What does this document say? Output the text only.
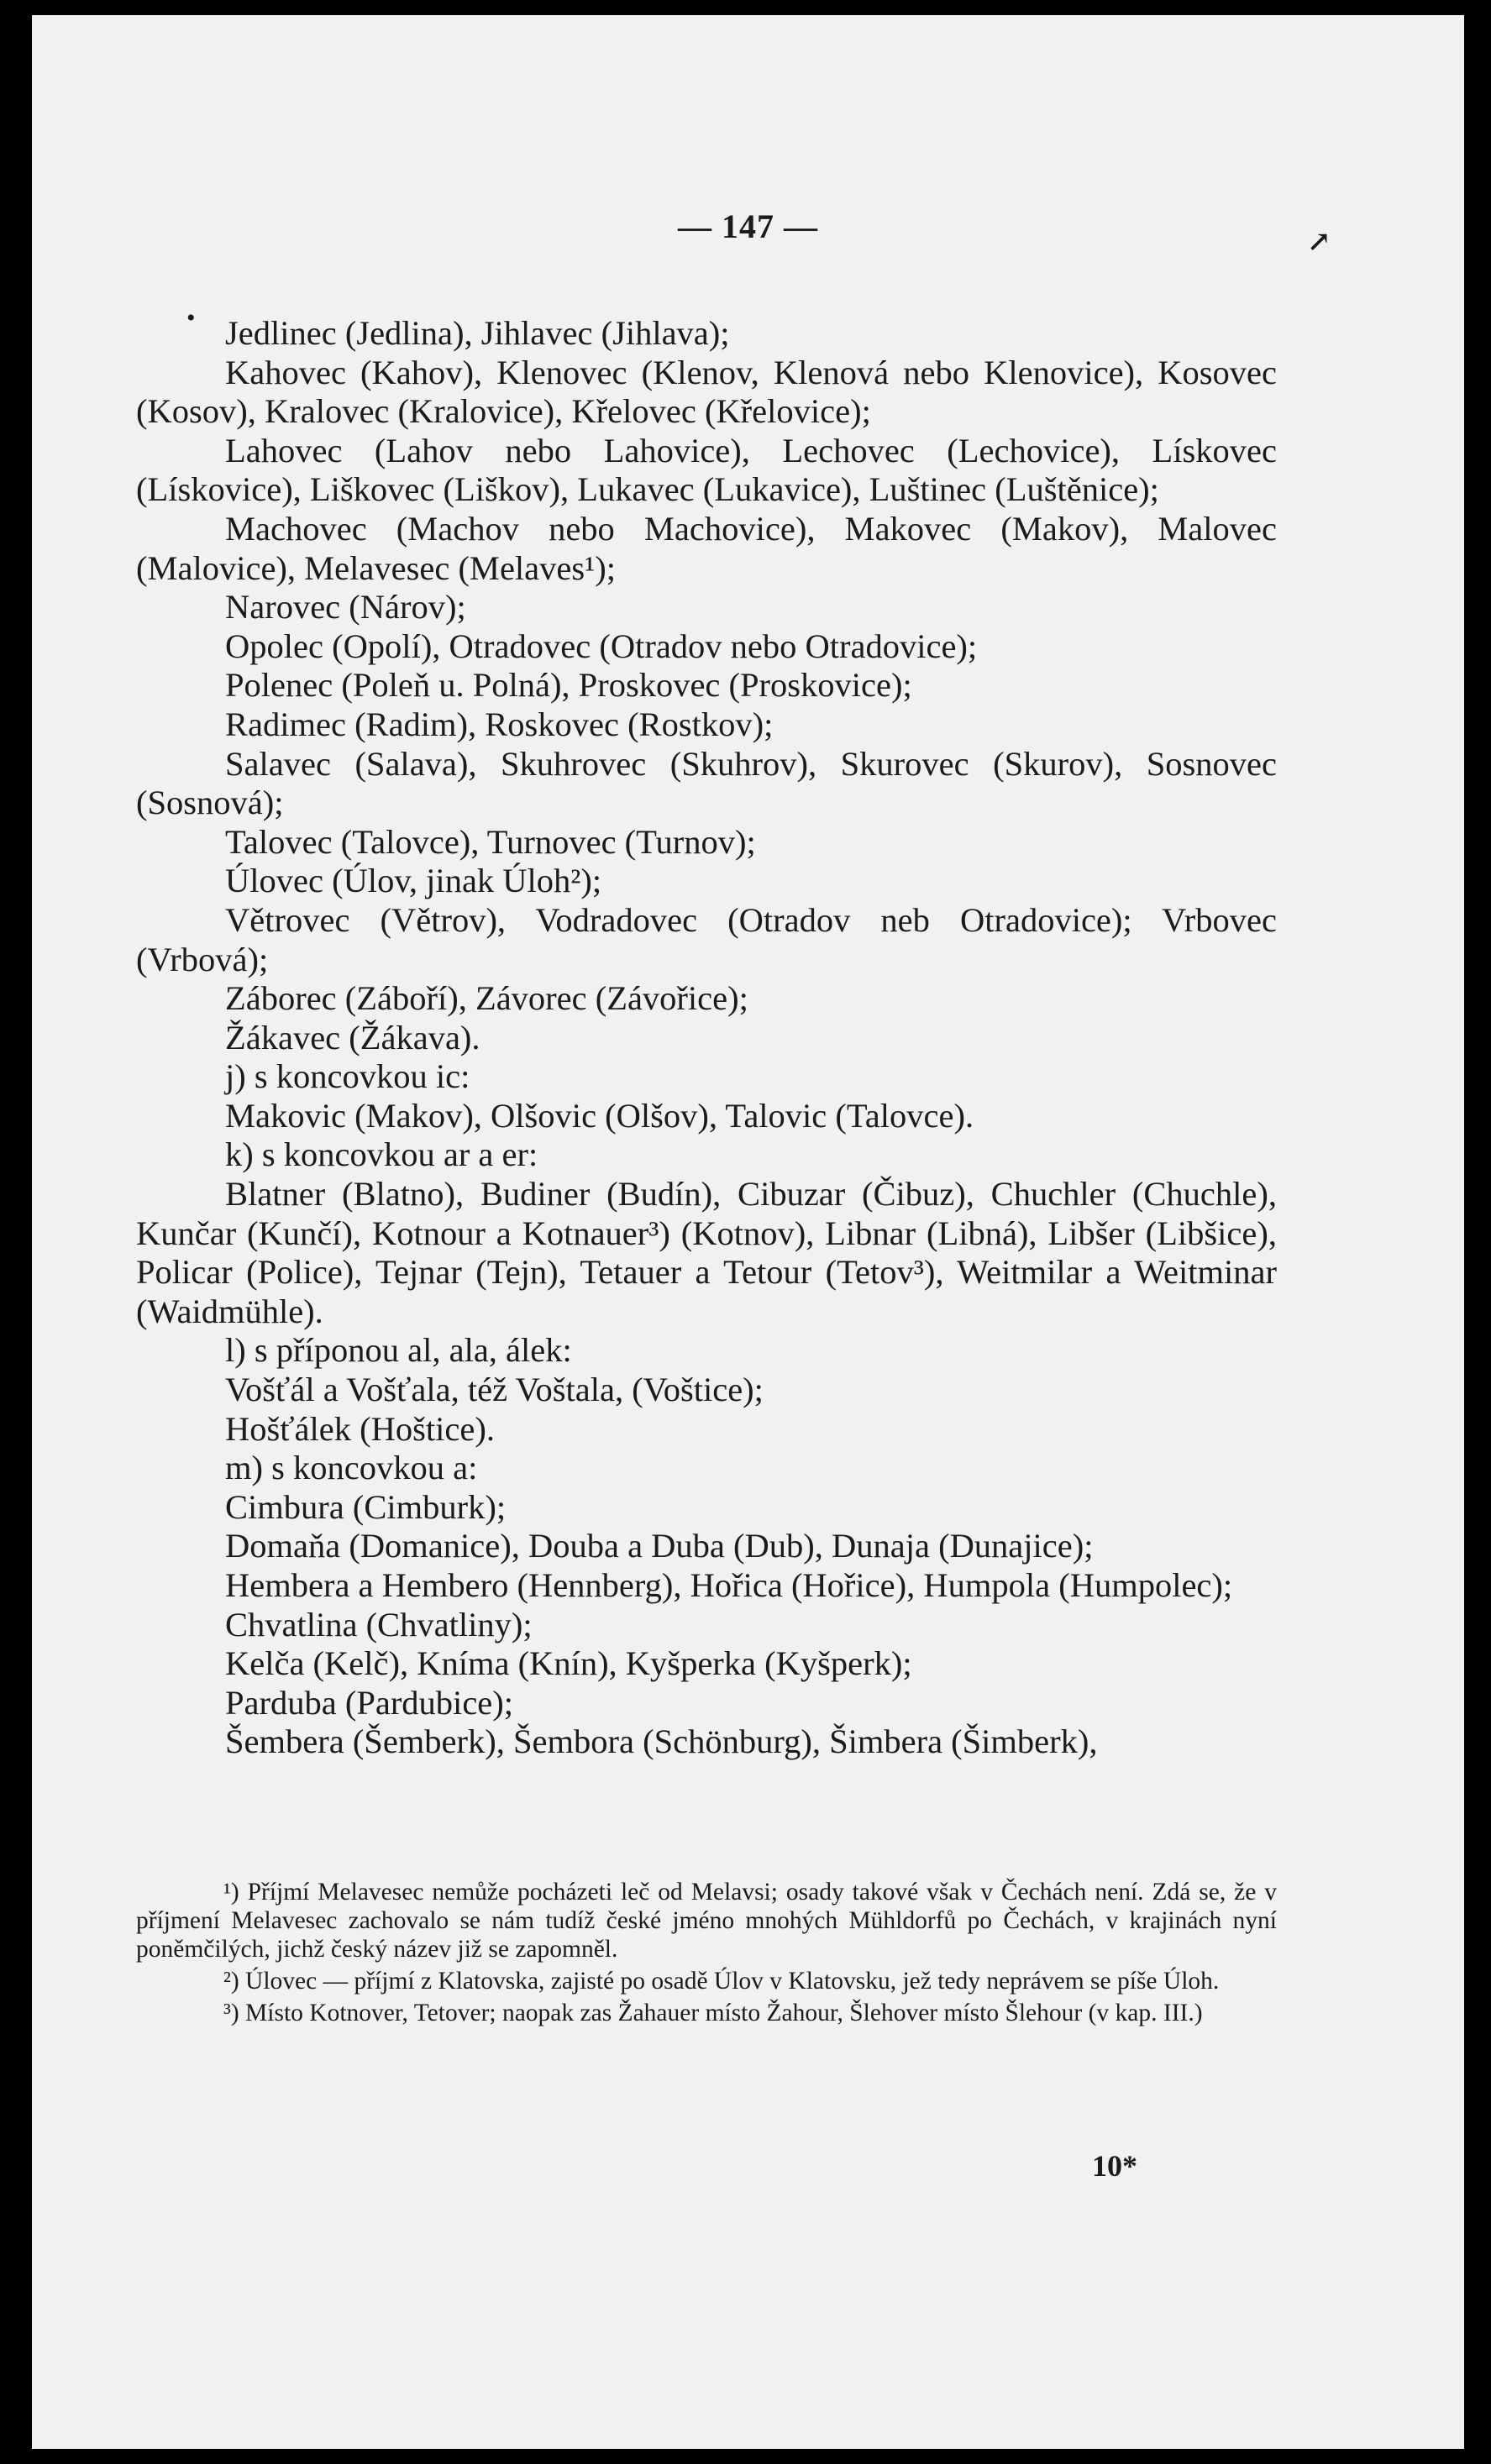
— 147 —	↗
• Jedlinec (Jedlina), Jihlavec (Jihlava);

Kahovec (Kahov), Klenovec (Klenov, Klenová nebo Klenovice), Kosovec (Kosov), Kralovec (Kralovice), Křelovec (Křelovice);

Lahovec (Lahov nebo Lahovice), Lechovec (Lechovice), Lískovec (Lískovice), Liškovec (Liškov), Lukavec (Lukavice), Luštinec (Luštěnice);

Machovec (Machov nebo Machovice), Makovec (Makov), Malovec (Malovice), Melavesec (Melaves¹);

Narovec (Nárov);

Opolec (Opolí), Otradovec (Otradov nebo Otradovice);

Polenec (Poleň u. Polná), Proskovec (Proskovice);

Radimec (Radim), Roskovec (Rostkov);

Salavec (Salava), Skuhrovec (Skuhrov), Skurovec (Skurov), Sosnovec (Sosnová);

Talovec (Talovce), Turnovec (Turnov);

Úlovec (Úlov, jinak Úloh²);

Větrovec (Větrov), Vodradovec (Otradov neb Otradovice); Vrbovec (Vrbová);

Záborec (Záboří), Závorec (Závořice);

Žákavec (Žákava).

j) s koncovkou ic:

Makovic (Makov), Olšovic (Olšov), Talovic (Talovce).

k) s koncovkou ar a er:

Blatner (Blatno), Budiner (Budín), Cibuzar (Čibuz), Chuchler (Chuchle), Kunčar (Kunčí), Kotnour a Kotnauer³) (Kotnov), Libnar (Libná), Libšer (Libšice), Policar (Police), Tejnar (Tejn), Tetauer a Tetour (Tetov³), Weitmilar a Weitminar (Waidmühle).

l) s příponou al, ala, álek:

Vošťál a Vošťala, též Voštala, (Voštice);

Hošťálek (Hoštice).

m) s koncovkou a:

Cimbura (Cimburk);

Domaňa (Domanice), Douba a Duba (Dub), Dunaja (Dunajice);

Hembera a Hembero (Hennberg), Hořica (Hořice), Humpola (Humpolec);

Chvatlina (Chvatliny);

Kelča (Kelč), Kníma (Knín), Kyšperka (Kyšperk);

Parduba (Pardubice);

Šembera (Šemberk), Šembora (Schönburg), Šimbera (Šimberk),

¹) Příjmí Melavesec nemůže pocházeti leč od Melavsi; osady takové však v Čechách není. Zdá se, že v příjmení Melavesec zachovalo se nám tudíž české jméno mnohých Mühldorfů po Čechách, v krajinách nyní poněmčilých, jichž český název již se zapomněl.

²) Úlovec — příjmí z Klatovska, zajisté po osadě Úlov v Klatovsku, jež tedy neprávem se píše Úloh.

³) Místo Kotnover, Tetover; naopak zas Žahauer místo Žahour, Šlehover místo Šlehour (v kap. III.)

10*
